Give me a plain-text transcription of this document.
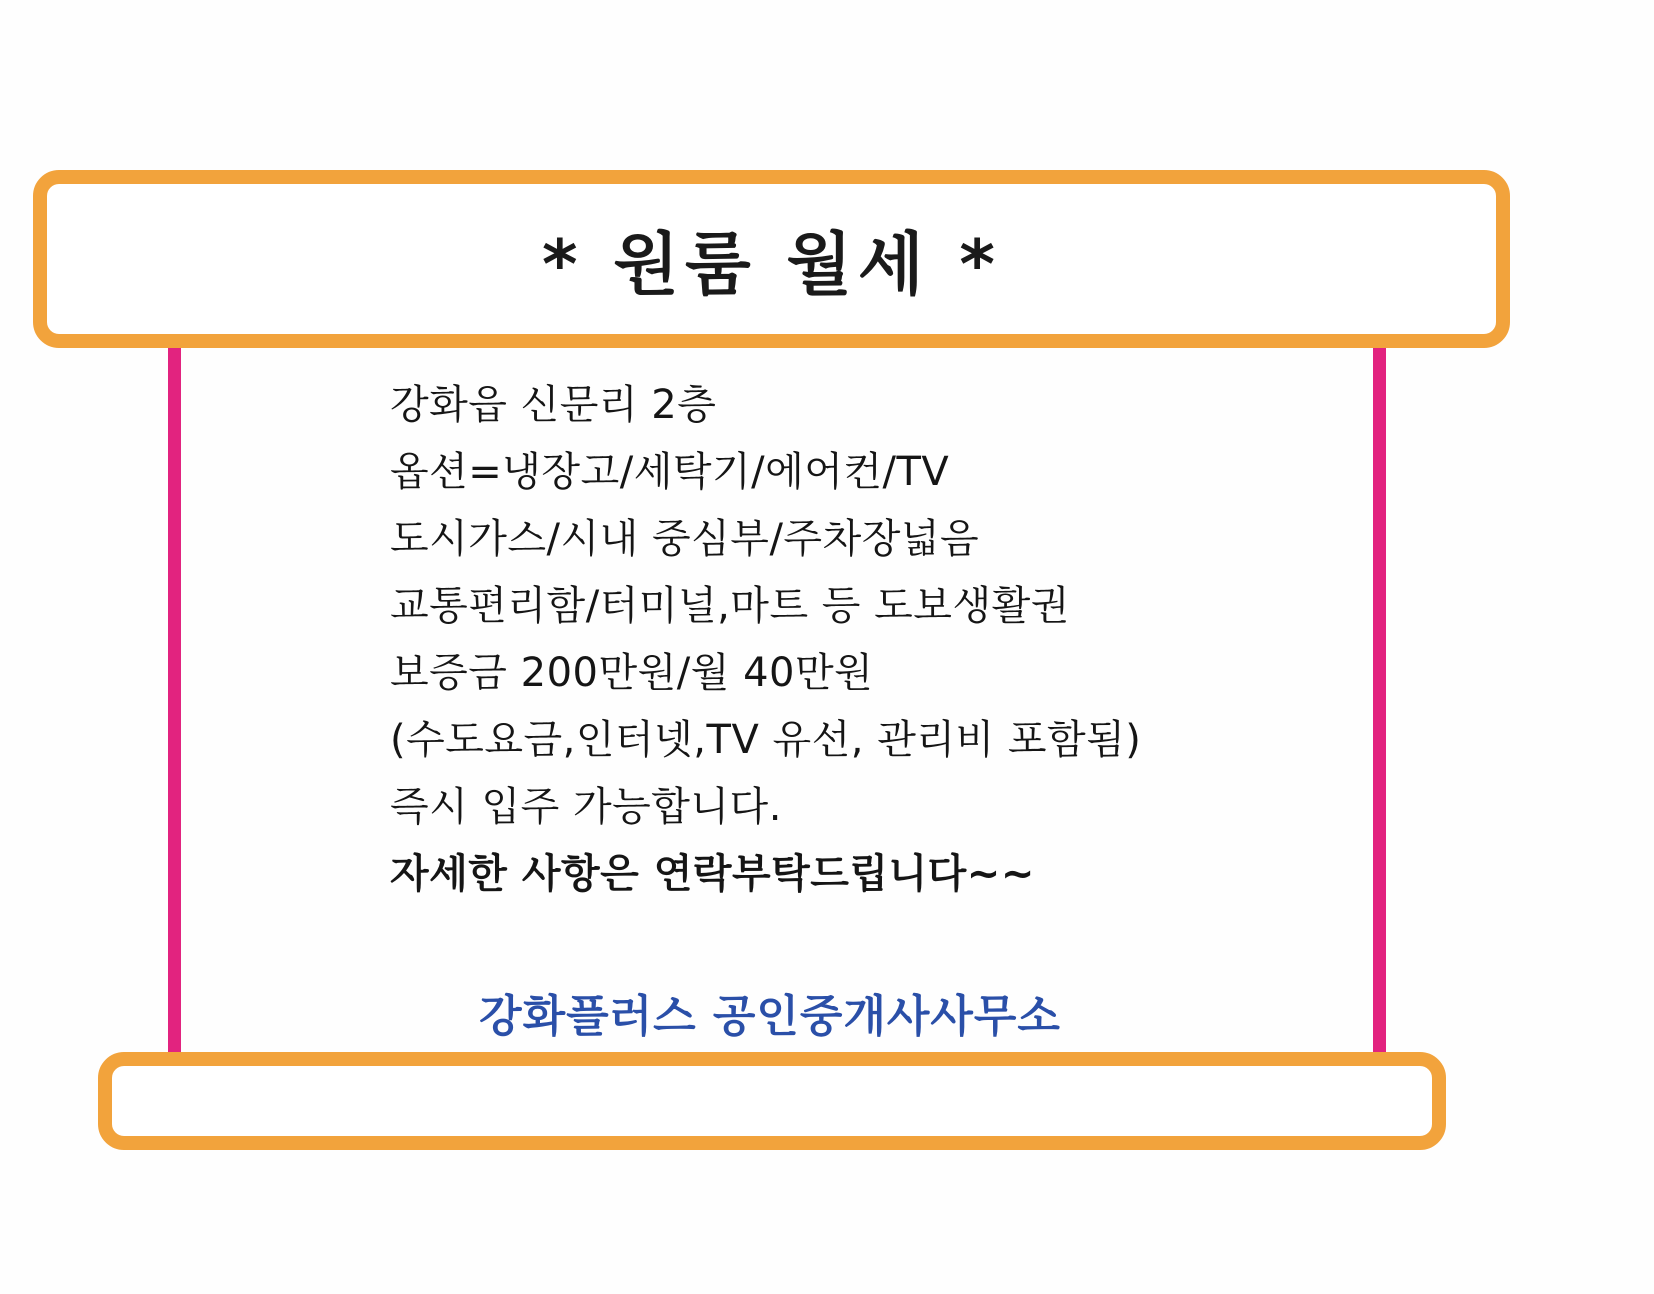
* 원룸 월세 *
강화읍 신문리 2층
옵션=냉장고/세탁기/에어컨/TV
도시가스/시내 중심부/주차장넓음
교통편리함/터미널,마트 등 도보생활권
보증금 200만원/월 40만원
(수도요금,인터넷,TV 유선, 관리비 포함됨)
즉시 입주 가능합니다.
자세한 사항은 연락부탁드립니다~~
강화플러스 공인중개사사무소
